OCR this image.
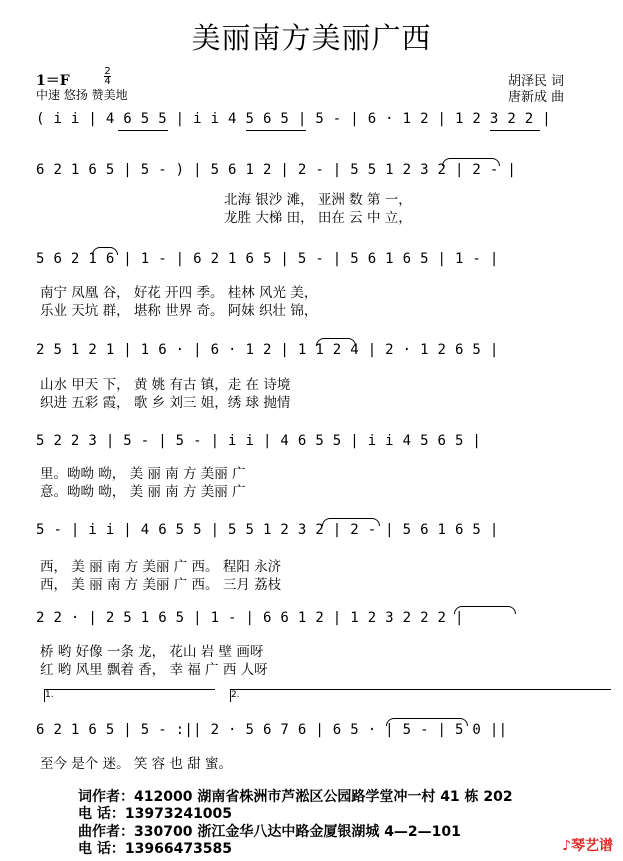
美丽南方美丽广西
1＝F
2
4
中速 悠扬 赞美地
胡泽民 词
唐新成 曲
( i i | 4 6 5 5 | i i 4 5 6 5 | 5 - | 6 · 1 2 | 1 2 3 2 2 |
6 2 1 6 5 | 5 - ) | 5 6 1 2 | 2 - | 5 5 1 2 3 2 | 2 - |
北海 银沙 滩， 亚洲 数 第 一，
龙胜 大梯 田， 田在 云 中 立，
5 6 2 1 6 | 1 - | 6 2 1 6 5 | 5 - | 5 6 1 6 5 | 1 - |
南宁 凤凰 谷， 好花 开四 季。 桂林 风光 美，
乐业 天坑 群， 堪称 世界 奇。 阿妹 织壮 锦，
2 5 1 2 1 | 1 6 · | 6 · 1 2 | 1 1 2 4 | 2 · 1 2 6 5 |
山水 甲天 下， 黄 姚 有古 镇，走 在 诗境
织进 五彩 霞， 歌 乡 刘三 姐，绣 球 抛情
5 2 2 3 | 5 - | 5 - | i i | 4 6 5 5 | i i 4 5 6 5 |
里。呦呦 呦， 美 丽 南 方 美丽 广
意。呦呦 呦， 美 丽 南 方 美丽 广
5 - | i i | 4 6 5 5 | 5 5 1 2 3 2 | 2 - | 5 6 1 6 5 |
西， 美 丽 南 方 美丽 广 西。 程阳 永济
西， 美 丽 南 方 美丽 广 西。 三月 荔枝
2 2 · | 2 5 1 6 5 | 1 - | 6 6 1 2 | 1 2 3 2 2 2 |
桥 哟 好像 一条 龙， 花山 岩 壁 画呀
红 哟 风里 飘着 香， 幸 福 广 西 人呀
1.	2.
6 2 1 6 5 | 5 - :|| 2 · 5 6 7 6 | 6 5 · | 5 - | 5 0 ||
至今 是个 迷。 笑 容 也 甜 蜜。
词作者：412000 湖南省株洲市芦淞区公园路学堂冲一村 41 栋 202
电 话：13973241005
曲作者：330700 浙江金华八达中路金厦银湖城 4—2—101
电 话：13966473585	♪琴艺谱
